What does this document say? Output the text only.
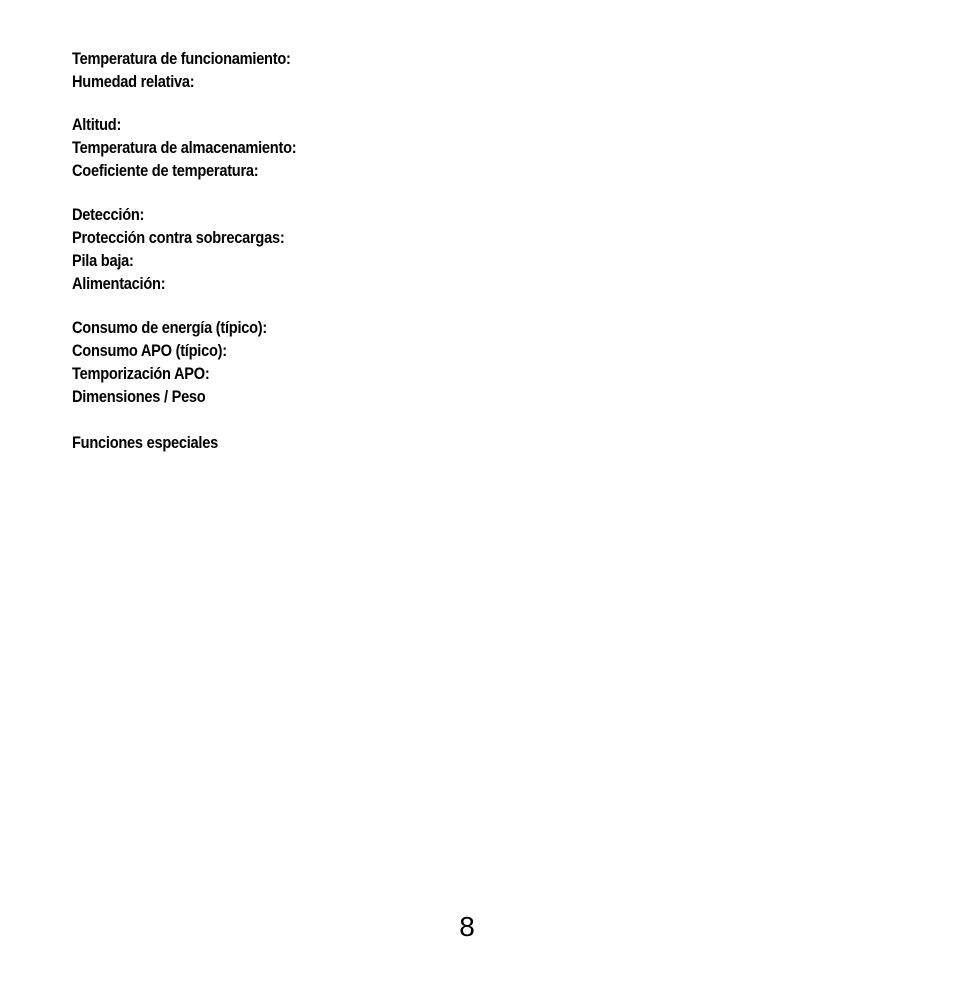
Temperatura de funcionamiento:
Humedad relativa:
Altitud:
Temperatura de almacenamiento:
Coeficiente de temperatura:
Detección:
Protección contra sobrecargas:
Pila baja:
Alimentación:
Consumo de energía (típico):
Consumo APO (típico):
Temporización APO:
Dimensiones / Peso
Funciones especiales
8
